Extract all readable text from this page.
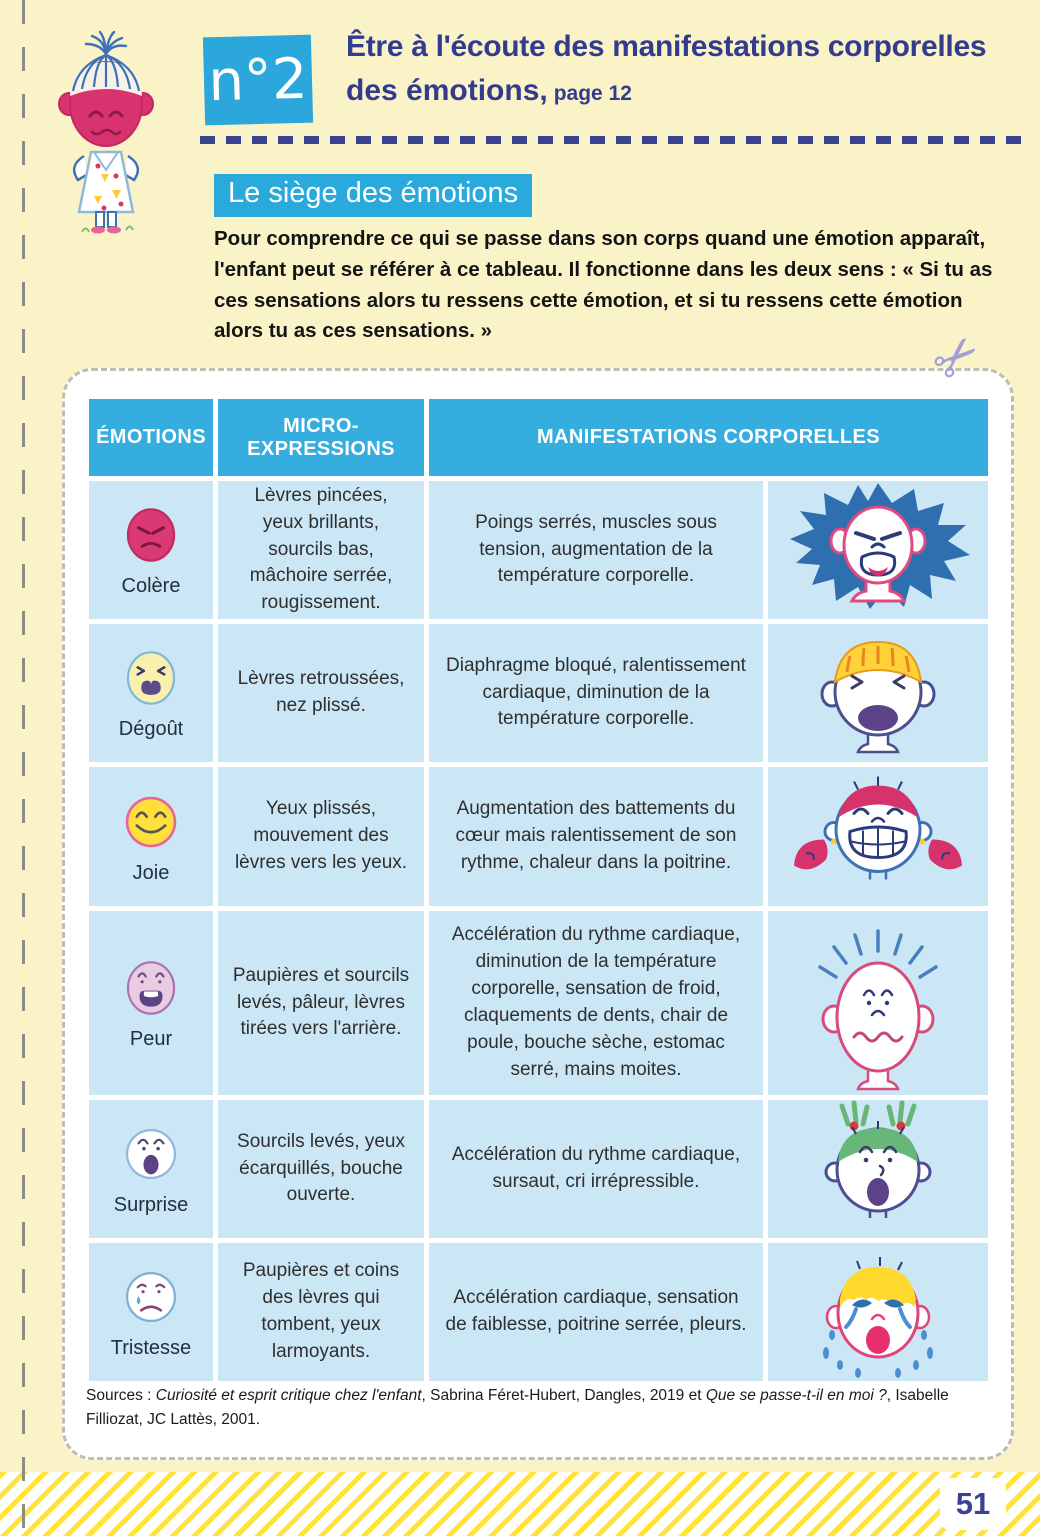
n°2 Être à l'écoute des manifestations corporelles
des émotions, page 12
Le siège des émotions

Pour comprendre ce qui se passe dans son corps quand une émotion apparaît, l'enfant peut se référer à ce tableau. Il fonctionne dans les deux sens : « Si tu as ces sensations alors tu ressens cette émotion, et si tu ressens cette émotion alors tu as ces sensations. »	✂
ÉMOTIONS
MICRO-EXPRESSIONS
MANIFESTATIONS CORPORELLES
Colère
Lèvres pincées, yeux brillants, sourcils bas, mâchoire serrée, rougissement.
Poings serrés, muscles sous tension, augmentation de la température corporelle.
Dégoût
Lèvres retroussées, nez plissé.
Diaphragme bloqué, ralentissement cardiaque, diminution de la température corporelle.
Joie
Yeux plissés, mouvement des lèvres vers les yeux.
Augmentation des battements du cœur mais ralentissement de son rythme, chaleur dans la poitrine.
Peur
Paupières et sourcils levés, pâleur, lèvres tirées vers l'arrière.
Accélération du rythme cardiaque, diminution de la température corporelle, sensation de froid, claquements de dents, chair de poule, bouche sèche, estomac serré, mains moites.
Surprise
Sourcils levés, yeux écarquillés, bouche ouverte.
Accélération du rythme cardiaque, sursaut, cri irrépressible.
Tristesse
Paupières et coins des lèvres qui tombent, yeux larmoyants.
Accélération cardiaque, sensation de faiblesse, poitrine serrée, pleurs.

Sources : Curiosité et esprit critique chez l'enfant, Sabrina Féret-Hubert, Dangles, 2019 et Que se passe-t-il en moi ?, Isabelle Filliozat, JC Lattès, 2001.

51
